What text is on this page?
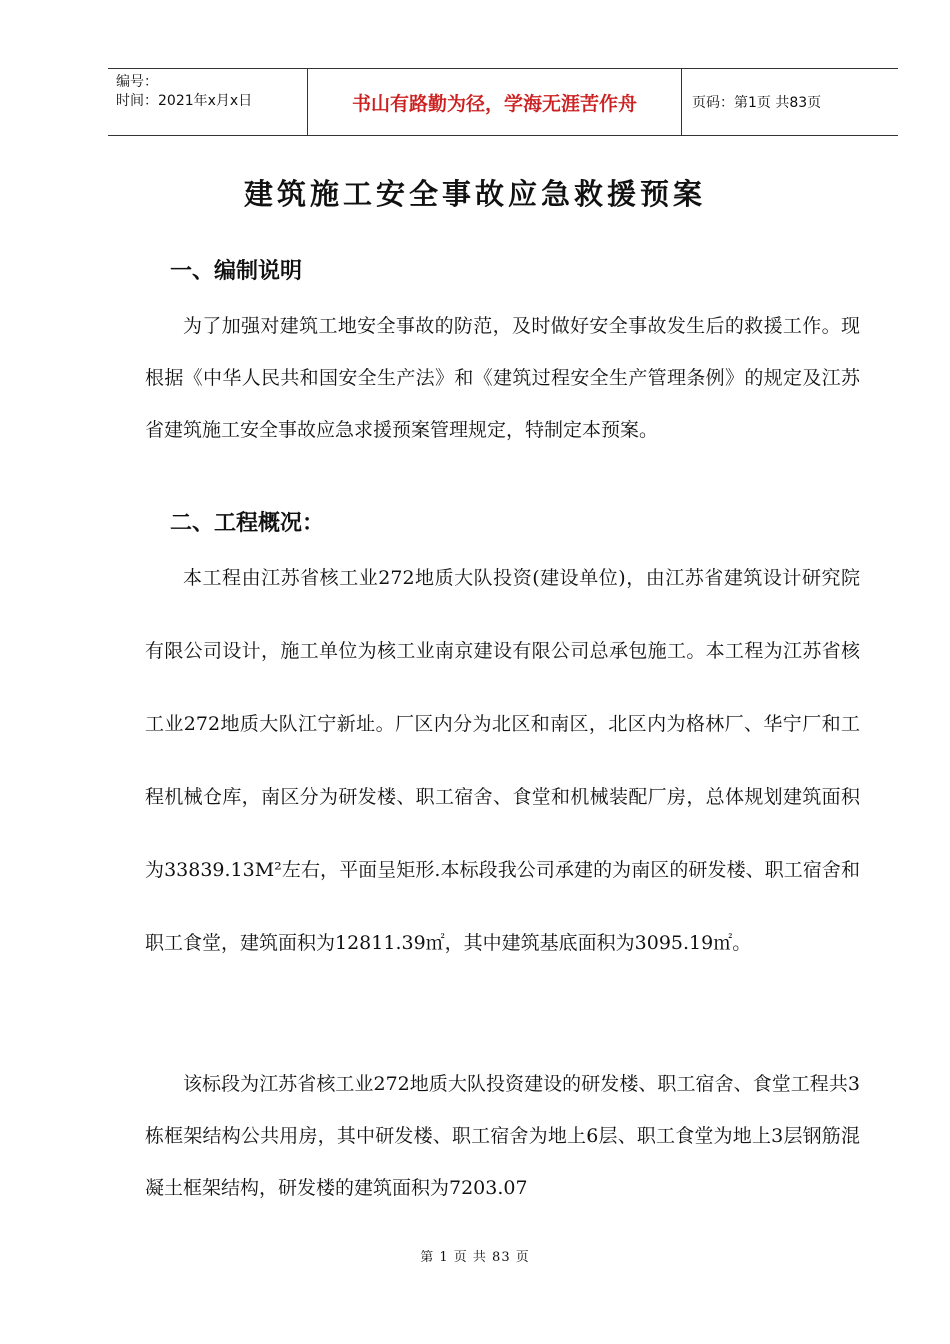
编号：
时间：2021年x月x日	书山有路勤为径，学海无涯苦作舟	页码：第1页 共83页
建筑施工安全事故应急救援预案
一、编制说明

为了加强对建筑工地安全事故的防范，及时做好安全事故发生后的救援工作。现根据《中华人民共和国安全生产法》和《建筑过程安全生产管理条例》的规定及江苏省建筑施工安全事故应急求援预案管理规定，特制定本预案。

二、工程概况：

本工程由江苏省核工业272地质大队投资(建设单位)，由江苏省建筑设计研究院有限公司设计，施工单位为核工业南京建设有限公司总承包施工。本工程为江苏省核工业272地质大队江宁新址。厂区内分为北区和南区，北区内为格林厂、华宁厂和工程机械仓库，南区分为研发楼、职工宿舍、食堂和机械装配厂房，总体规划建筑面积为33839.13M²左右，平面呈矩形.本标段我公司承建的为南区的研发楼、职工宿舍和职工食堂，建筑面积为12811.39㎡，其中建筑基底面积为3095.19㎡。

该标段为江苏省核工业272地质大队投资建设的研发楼、职工宿舍、食堂工程共3栋框架结构公共用房，其中研发楼、职工宿舍为地上6层、职工食堂为地上3层钢筋混凝土框架结构，研发楼的建筑面积为7203.07

第 1 页 共 83 页
